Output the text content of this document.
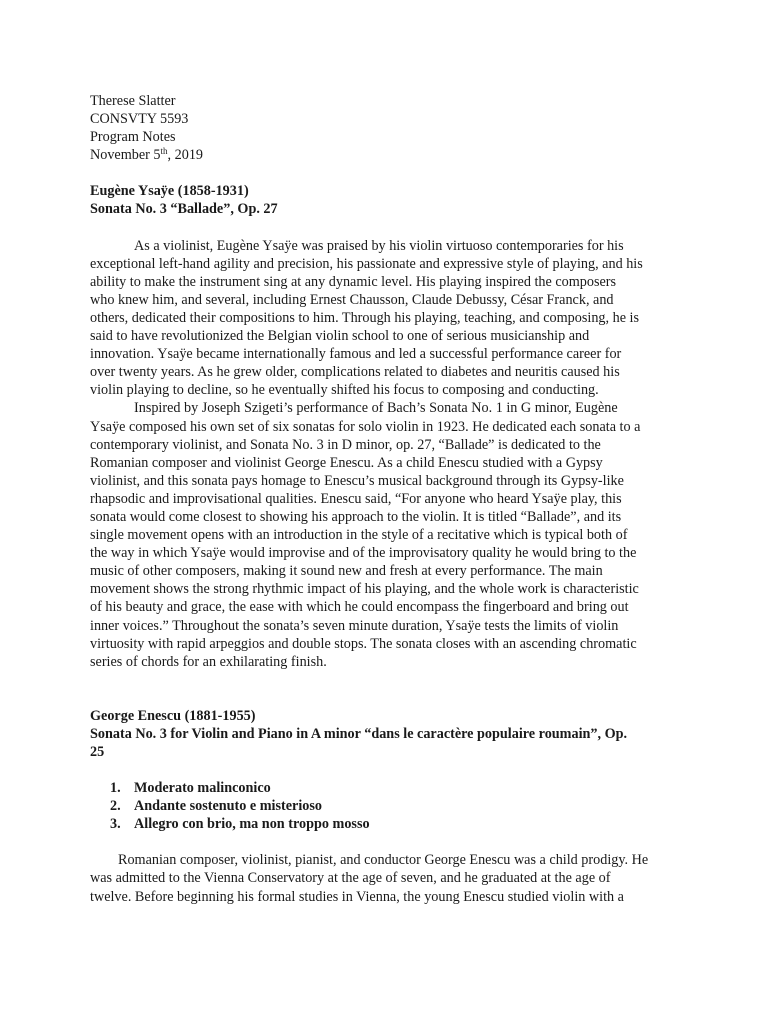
Therese Slatter
CONSVTY 5593
Program Notes
November 5th, 2019
Eugène Ysaÿe (1858-1931)
Sonata No. 3 “Ballade”, Op. 27
As a violinist, Eugène Ysaÿe was praised by his violin virtuoso contemporaries for his
exceptional left-hand agility and precision, his passionate and expressive style of playing, and his
ability to make the instrument sing at any dynamic level. His playing inspired the composers
who knew him, and several, including Ernest Chausson, Claude Debussy, César Franck, and
others, dedicated their compositions to him. Through his playing, teaching, and composing, he is
said to have revolutionized the Belgian violin school to one of serious musicianship and
innovation. Ysaÿe became internationally famous and led a successful performance career for
over twenty years. As he grew older, complications related to diabetes and neuritis caused his
violin playing to decline, so he eventually shifted his focus to composing and conducting.
Inspired by Joseph Szigeti’s performance of Bach’s Sonata No. 1 in G minor, Eugène
Ysaÿe composed his own set of six sonatas for solo violin in 1923. He dedicated each sonata to a
contemporary violinist, and Sonata No. 3 in D minor, op. 27, “Ballade” is dedicated to the
Romanian composer and violinist George Enescu. As a child Enescu studied with a Gypsy
violinist, and this sonata pays homage to Enescu’s musical background through its Gypsy-like
rhapsodic and improvisational qualities. Enescu said, “For anyone who heard Ysaÿe play, this
sonata would come closest to showing his approach to the violin. It is titled “Ballade”, and its
single movement opens with an introduction in the style of a recitative which is typical both of
the way in which Ysaÿe would improvise and of the improvisatory quality he would bring to the
music of other composers, making it sound new and fresh at every performance. The main
movement shows the strong rhythmic impact of his playing, and the whole work is characteristic
of his beauty and grace, the ease with which he could encompass the fingerboard and bring out
inner voices.” Throughout the sonata’s seven minute duration, Ysaÿe tests the limits of violin
virtuosity with rapid arpeggios and double stops. The sonata closes with an ascending chromatic
series of chords for an exhilarating finish.
George Enescu (1881-1955)
Sonata No. 3 for Violin and Piano in A minor “dans le caractère populaire roumain”, Op.
25
1. Moderato malinconico
2. Andante sostenuto e misterioso
3. Allegro con brio, ma non troppo mosso
Romanian composer, violinist, pianist, and conductor George Enescu was a child prodigy. He
was admitted to the Vienna Conservatory at the age of seven, and he graduated at the age of
twelve. Before beginning his formal studies in Vienna, the young Enescu studied violin with a
